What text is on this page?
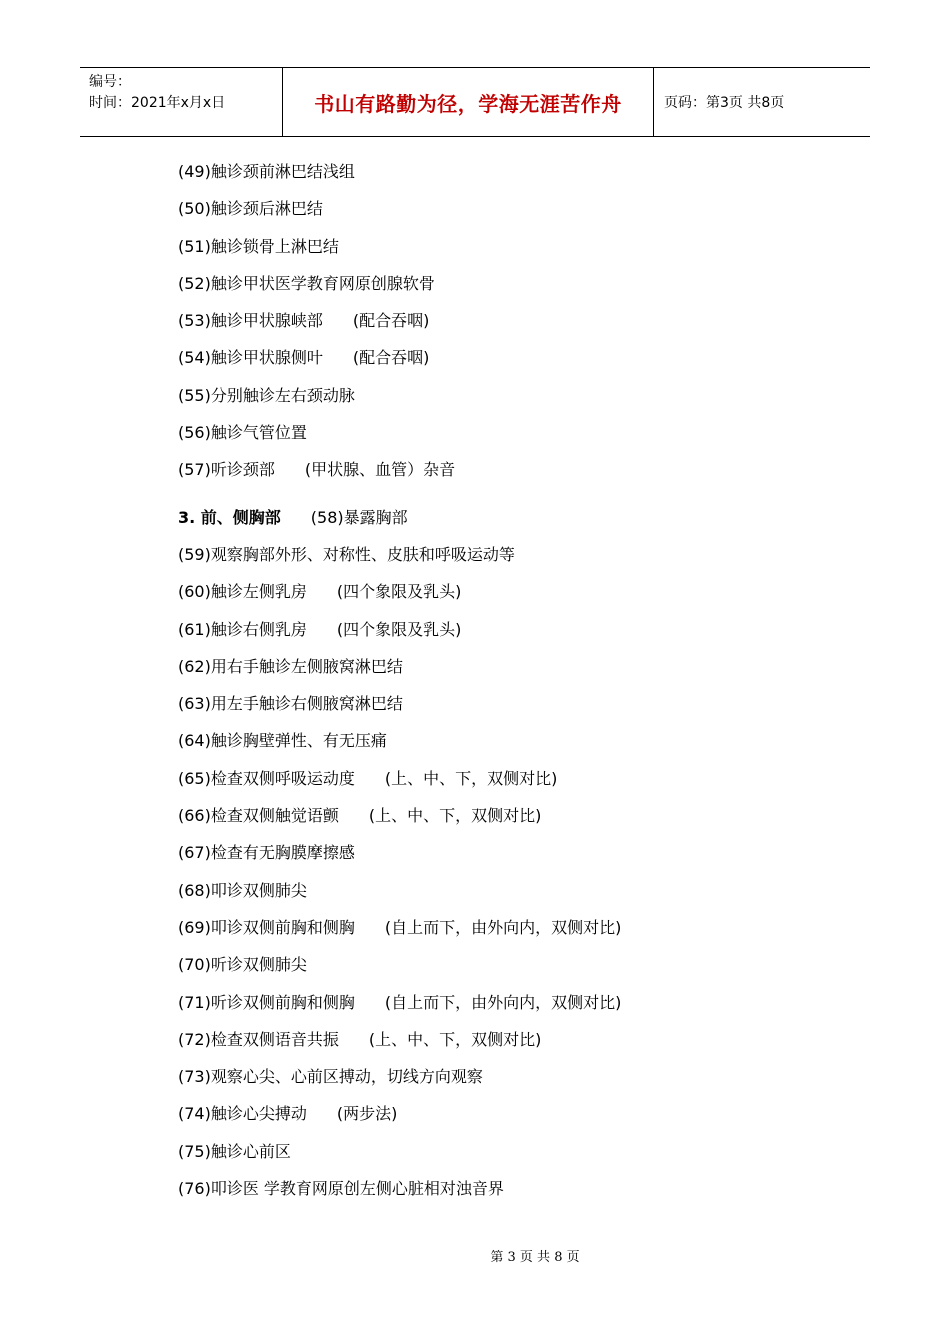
编号：
时间：2021年x月x日	书山有路勤为径，学海无涯苦作舟	页码：第3页 共8页
(49)触诊颈前淋巴结浅组
(50)触诊颈后淋巴结
(51)触诊锁骨上淋巴结
(52)触诊甲状医学教育网原创腺软骨
(53)触诊甲状腺峡部 (配合吞咽)
(54)触诊甲状腺侧叶 (配合吞咽)
(55)分别触诊左右颈动脉
(56)触诊气管位置
(57)听诊颈部 (甲状腺、血管）杂音
3. 前、侧胸部 (58)暴露胸部
(59)观察胸部外形、对称性、皮肤和呼吸运动等
(60)触诊左侧乳房 (四个象限及乳头)
(61)触诊右侧乳房 (四个象限及乳头)
(62)用右手触诊左侧腋窝淋巴结
(63)用左手触诊右侧腋窝淋巴结
(64)触诊胸壁弹性、有无压痛
(65)检查双侧呼吸运动度 (上、中、下，双侧对比)
(66)检查双侧触觉语颤 (上、中、下，双侧对比)
(67)检查有无胸膜摩擦感
(68)叩诊双侧肺尖
(69)叩诊双侧前胸和侧胸 (自上而下，由外向内，双侧对比)
(70)听诊双侧肺尖
(71)听诊双侧前胸和侧胸 (自上而下，由外向内，双侧对比)
(72)检查双侧语音共振 (上、中、下，双侧对比)
(73)观察心尖、心前区搏动，切线方向观察
(74)触诊心尖搏动 (两步法)
(75)触诊心前区
(76)叩诊医 学教育网原创左侧心脏相对浊音界
第 3 页 共 8 页
